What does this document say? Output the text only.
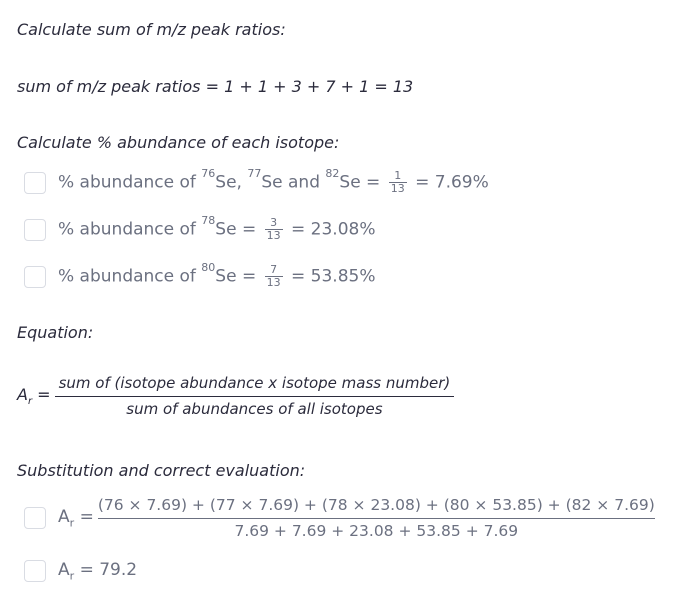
Calculate sum of m/z peak ratios:
sum of m/z peak ratios = 1 + 1 + 3 + 7 + 1 = 13
Calculate % abundance of each isotope:
% abundance of $^{76}$Se, $^{77}$Se and $^{82}Se = \frac{1}{13} = 7.69\%$
% abundance of $^{78}Se = \frac{3}{13} = 23.08\%$
% abundance of $^{80}Se = \frac{7}{13} = 53.85\%$
Equation:
$A_r = \frac{\text{sum of (isotope abundance x isotope mass number)}}{\text{sum of abundances of all isotopes}}$
Substitution and correct evaluation:
$A_r$ =
(76 × 7.69) + (77 × 7.69) + (78 × 23.08) + (80 × 53.85) + (82 × 7.69)
7.69 + 7.69 + 23.08 + 53.85 + 7.69
$A_r = 79.2$
